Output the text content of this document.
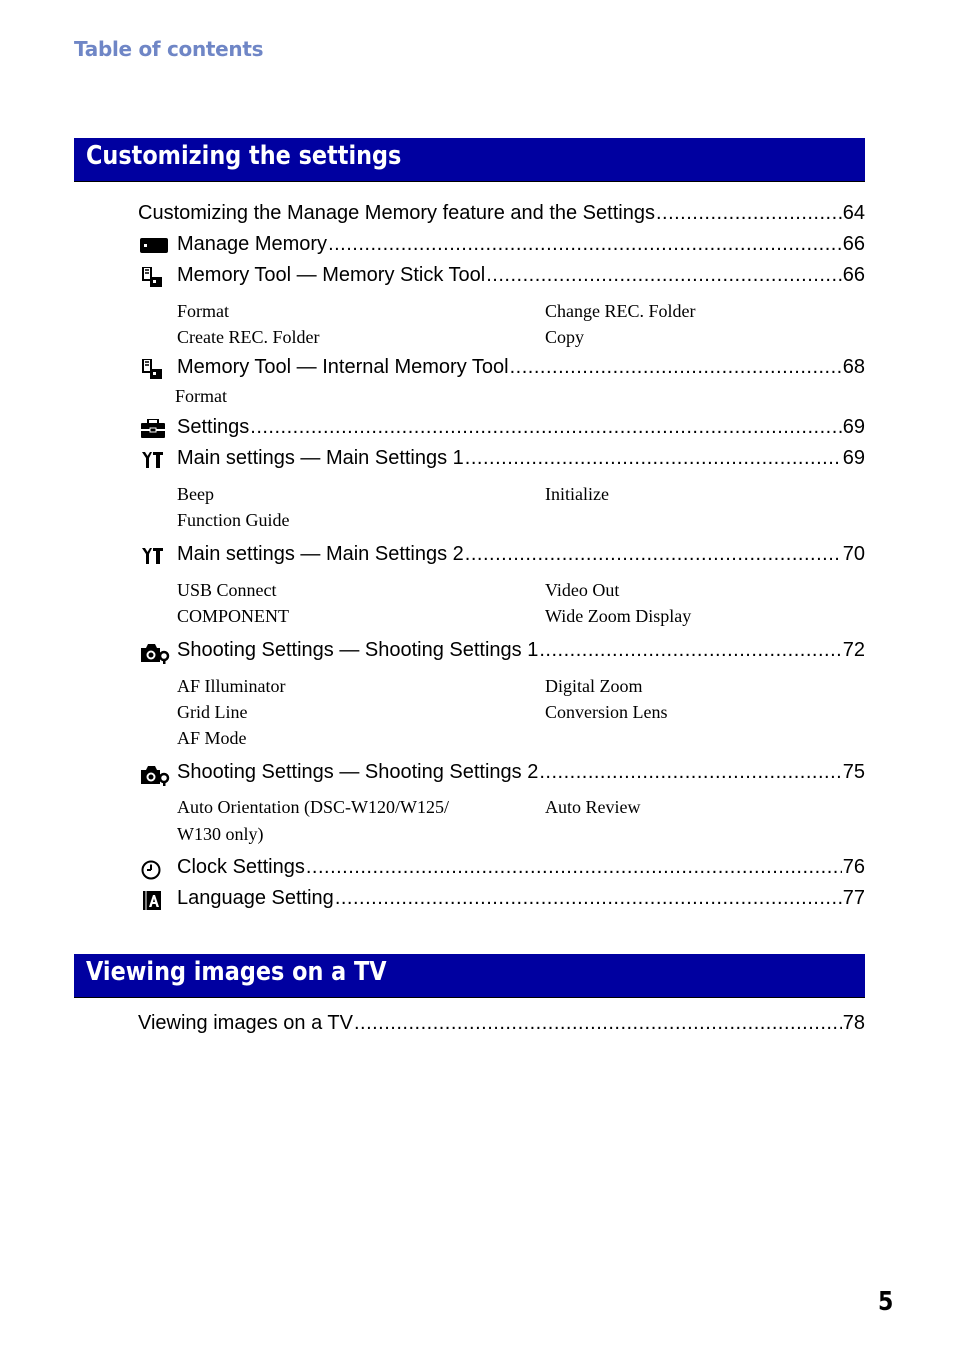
Table of contents
Customizing the settings
Customizing the Manage Memory feature and the Settings .....	64
Manage Memory .....	66
Memory Tool — Memory Stick Tool .....	66
Format	Change REC. Folder
Create REC. Folder	Copy
Memory Tool — Internal Memory Tool .....	68
Format
Settings .....	69
Main settings — Main Settings 1 .....	69
Beep	Initialize
Function Guide
Main settings — Main Settings 2 .....	70
USB Connect	Video Out
COMPONENT	Wide Zoom Display
Shooting Settings — Shooting Settings 1 .....	72
AF Illuminator	Digital Zoom
Grid Line	Conversion Lens
AF Mode
Shooting Settings — Shooting Settings 2 .....	75
Auto Orientation (DSC-W120/W125/	Auto Review
W130 only)
Clock Settings .....	76
Language Setting .....	77
Viewing images on a TV
Viewing images on a TV .....	78
5
